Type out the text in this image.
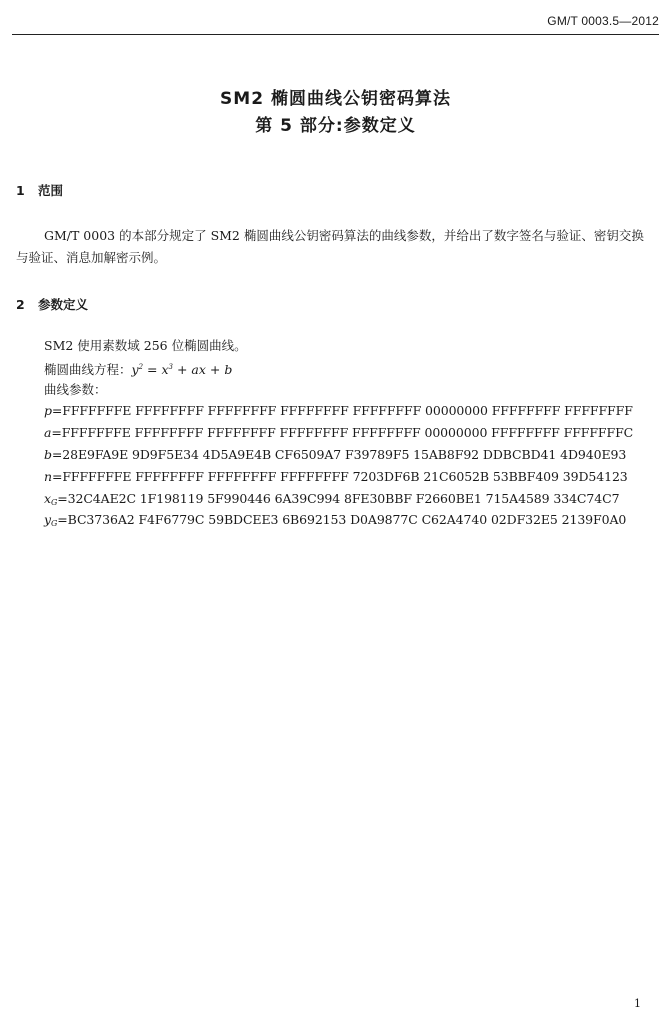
GM/T 0003.5—2012
SM2 椭圆曲线公钥密码算法
第 5 部分:参数定义
1 范围
GM/T 0003 的本部分规定了 SM2 椭圆曲线公钥密码算法的曲线参数，并给出了数字签名与验证、密钥交换与验证、消息加解密示例。
2 参数定义
SM2 使用素数域 256 位椭圆曲线。
椭圆曲线方程：$y^2 = x^3$ + ax + b
曲线参数：
p=FFFFFFFE FFFFFFFF FFFFFFFF FFFFFFFF FFFFFFFF 00000000 FFFFFFFF FFFFFFFF
a=FFFFFFFE FFFFFFFF FFFFFFFF FFFFFFFF FFFFFFFF 00000000 FFFFFFFF FFFFFFFC
b=28E9FA9E 9D9F5E34 4D5A9E4B CF6509A7 F39789F5 15AB8F92 DDBCBD41 4D940E93
n=FFFFFFFE FFFFFFFF FFFFFFFF FFFFFFFF 7203DF6B 21C6052B 53BBF409 39D54123
$x_G=32C4AE2C$ 1F198119 5F990446 6A39C994 8FE30BBF F2660BE1 715A4589 334C74C7
$y_G=BC3736A2$ F4F6779C 59BDCEE3 6B692153 D0A9877C C62A4740 02DF32E5 2139F0A0
1
